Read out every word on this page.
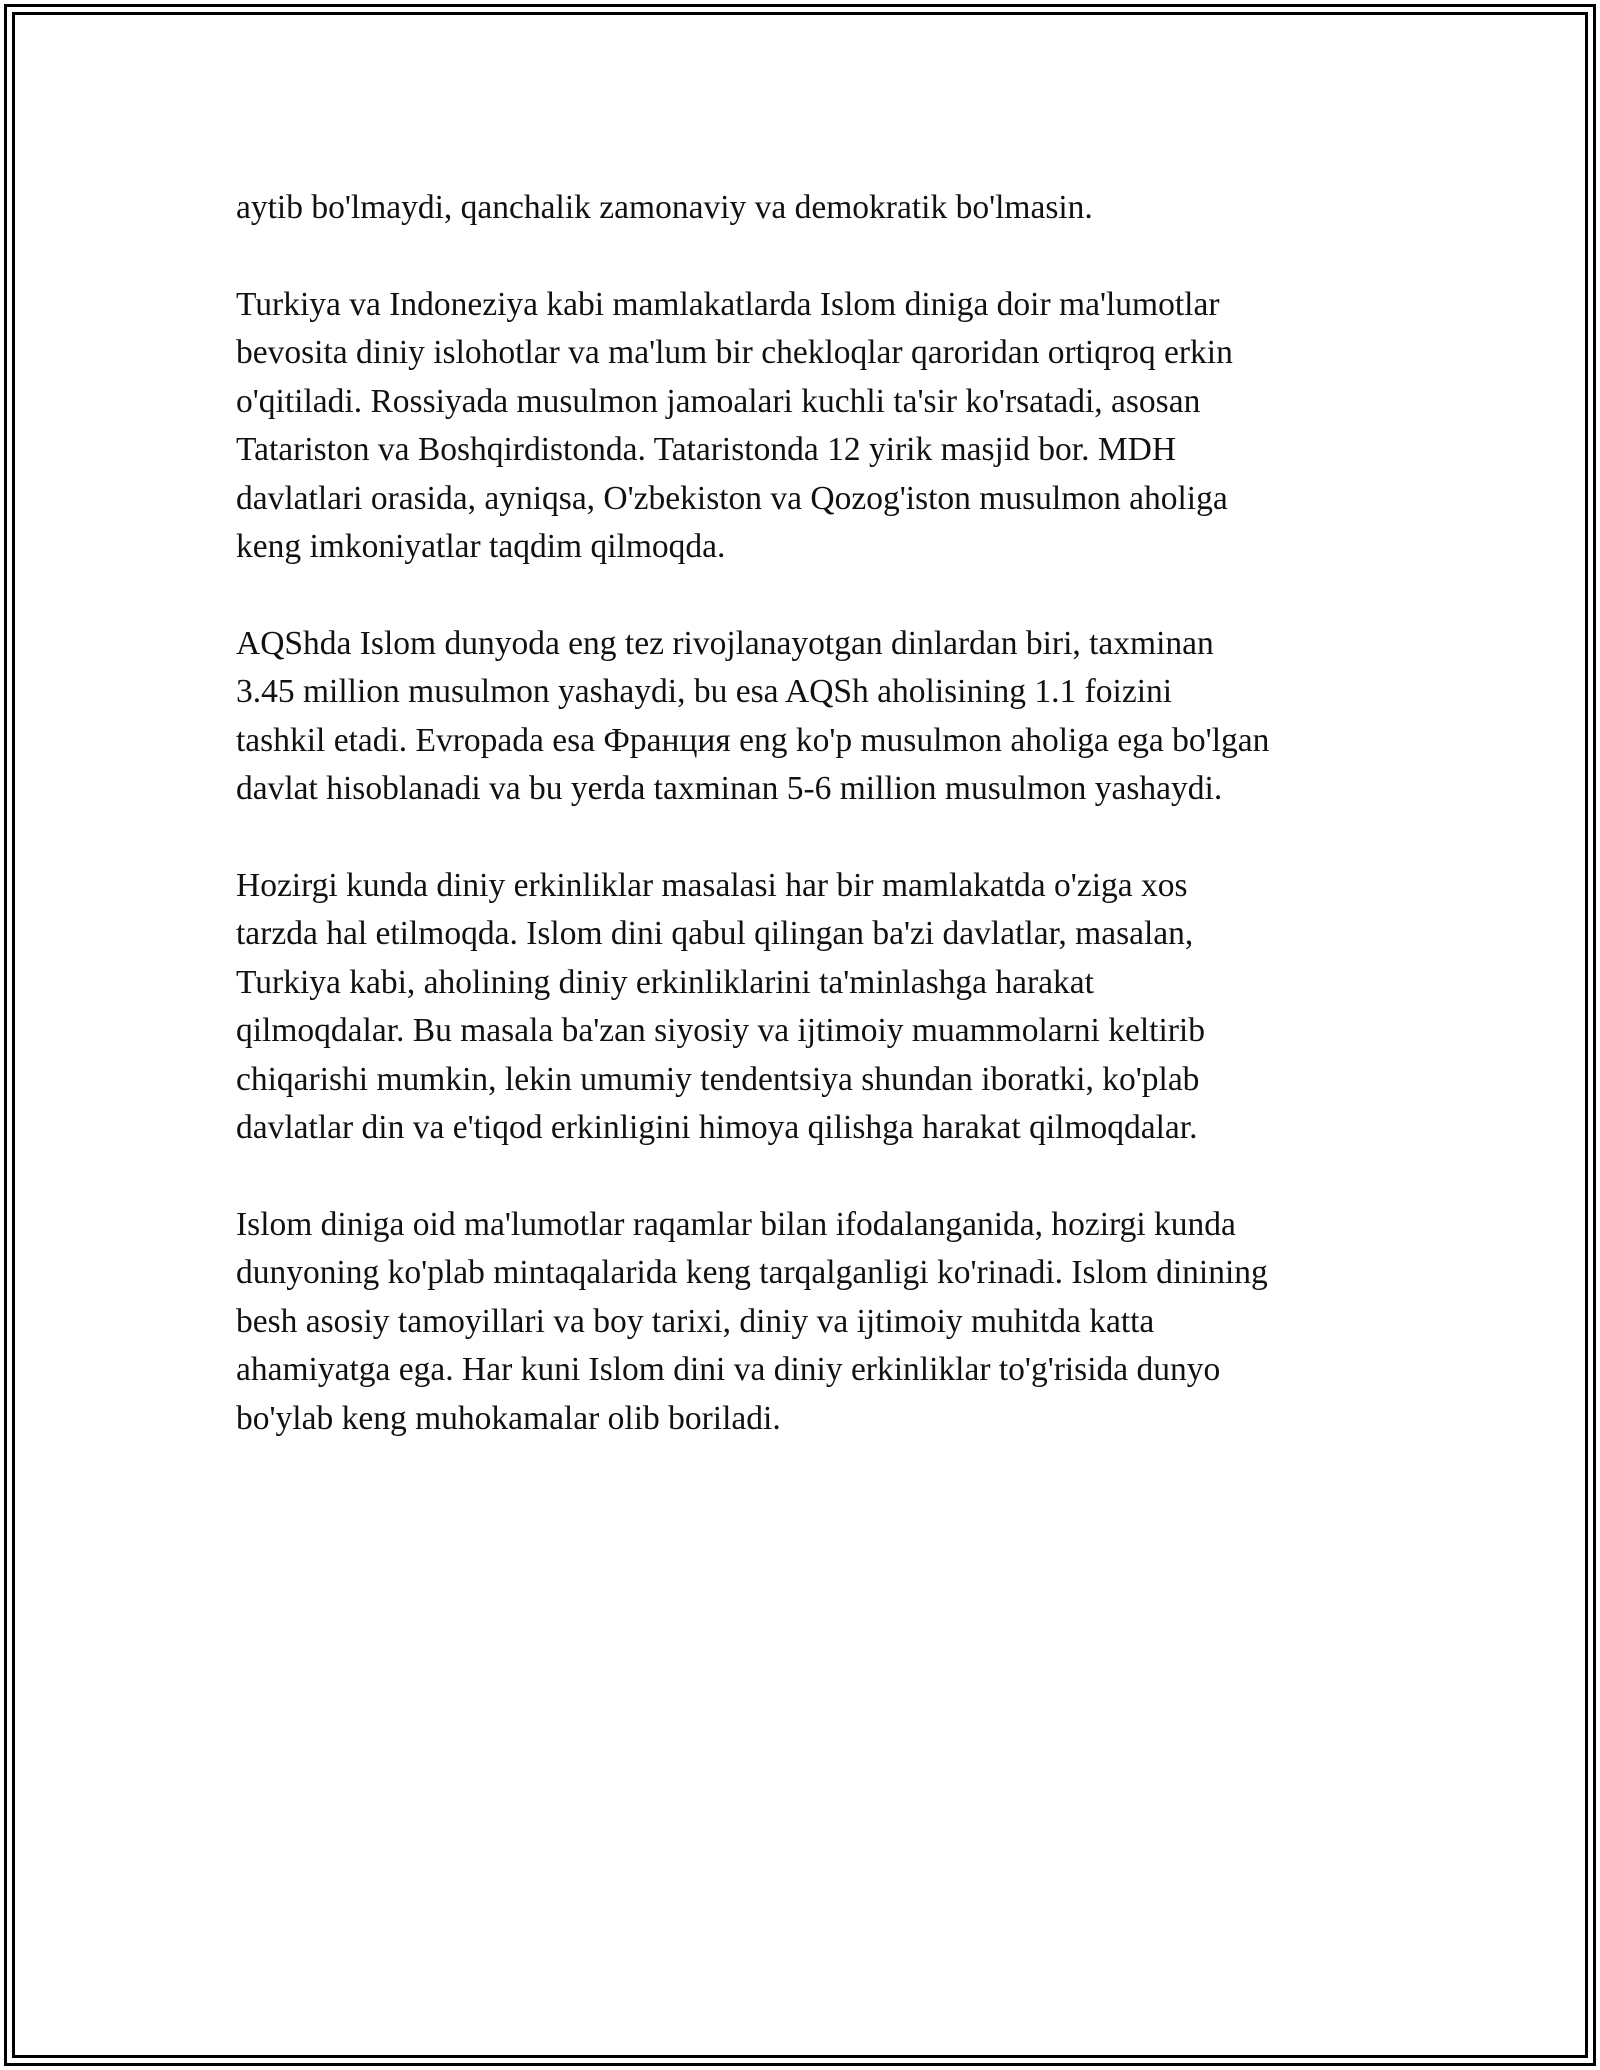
aytib bo'lmaydi, qanchalik zamonaviy va demokratik bo'lmasin.

Turkiya va Indoneziya kabi mamlakatlarda Islom diniga doir ma'lumotlar
bevosita diniy islohotlar va ma'lum bir chekloqlar qaroridan ortiqroq erkin
o'qitiladi. Rossiyada musulmon jamoalari kuchli ta'sir ko'rsatadi, asosan
Tatariston va Boshqirdistonda. Tataristonda 12 yirik masjid bor. MDH
davlatlari orasida, ayniqsa, O'zbekiston va Qozog'iston musulmon aholiga
keng imkoniyatlar taqdim qilmoqda.

AQShda Islom dunyoda eng tez rivojlanayotgan dinlardan biri, taxminan
3.45 million musulmon yashaydi, bu esa AQSh aholisining 1.1 foizini
tashkil etadi. Evropada esa Франция eng ko'p musulmon aholiga ega bo'lgan
davlat hisoblanadi va bu yerda taxminan 5-6 million musulmon yashaydi.

Hozirgi kunda diniy erkinliklar masalasi har bir mamlakatda o'ziga xos
tarzda hal etilmoqda. Islom dini qabul qilingan ba'zi davlatlar, masalan,
Turkiya kabi, aholining diniy erkinliklarini ta'minlashga harakat
qilmoqdalar. Bu masala ba'zan siyosiy va ijtimoiy muammolarni keltirib
chiqarishi mumkin, lekin umumiy tendentsiya shundan iboratki, ko'plab
davlatlar din va e'tiqod erkinligini himoya qilishga harakat qilmoqdalar.

Islom diniga oid ma'lumotlar raqamlar bilan ifodalanganida, hozirgi kunda
dunyoning ko'plab mintaqalarida keng tarqalganligi ko'rinadi. Islom dinining
besh asosiy tamoyillari va boy tarixi, diniy va ijtimoiy muhitda katta
ahamiyatga ega. Har kuni Islom dini va diniy erkinliklar to'g'risida dunyo
bo'ylab keng muhokamalar olib boriladi.
